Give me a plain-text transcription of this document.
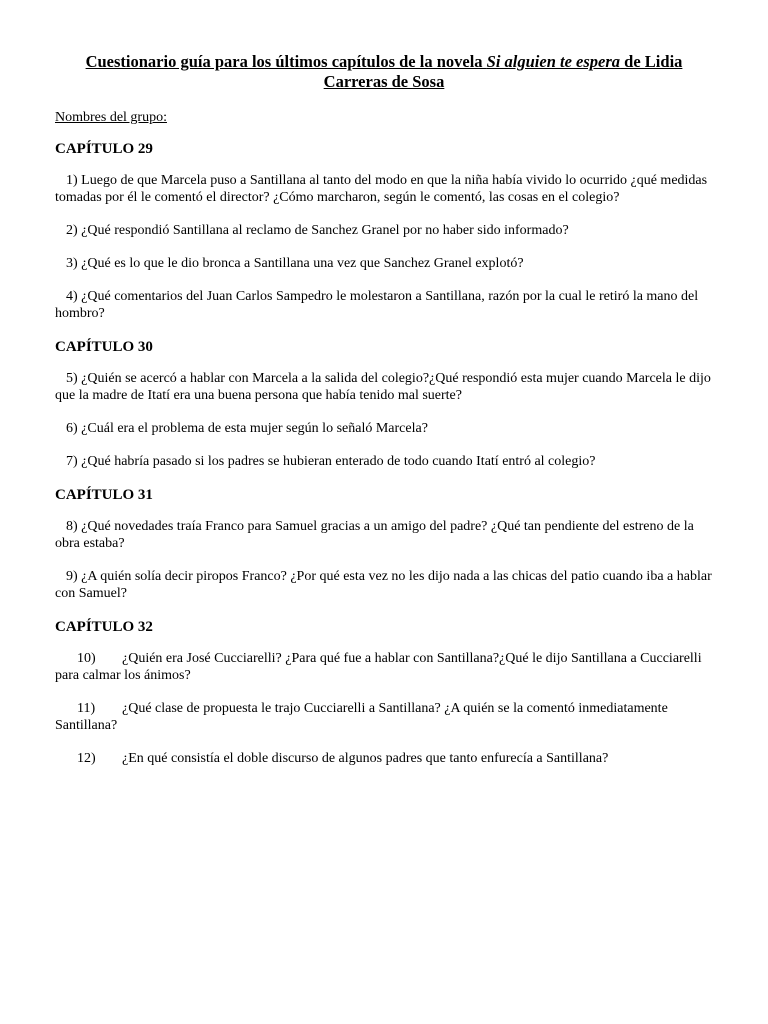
Cuestionario guía para los últimos capítulos de la novela Si alguien te espera de Lidia Carreras de Sosa
Nombres del grupo:
CAPÍTULO 29

1) Luego de que Marcela puso a Santillana al tanto del modo en que la niña había vivido lo ocurrido ¿qué medidas tomadas por él le comentó el director? ¿Cómo marcharon, según le comentó, las cosas en el colegio?

2) ¿Qué respondió Santillana al reclamo de Sanchez Granel por no haber sido informado?

3) ¿Qué es lo que le dio bronca a Santillana una vez que Sanchez Granel explotó?

4) ¿Qué comentarios del Juan Carlos Sampedro le molestaron a Santillana, razón por la cual le retiró la mano del hombro?

CAPÍTULO 30

5) ¿Quién se acercó a hablar con Marcela a la salida del colegio?¿Qué respondió esta mujer cuando Marcela le dijo que la madre de Itatí era una buena persona que había tenido mal suerte?

6) ¿Cuál era el problema de esta mujer según lo señaló Marcela?

7) ¿Qué habría pasado si los padres se hubieran enterado de todo cuando Itatí entró al colegio?

CAPÍTULO 31

8) ¿Qué novedades traía Franco para Samuel gracias a un amigo del padre? ¿Qué tan pendiente del estreno de la obra estaba?

9) ¿A quién solía decir piropos Franco? ¿Por qué esta vez no les dijo nada a las chicas del patio cuando iba a hablar con Samuel?

CAPÍTULO 32

10) ¿Quién era José Cucciarelli? ¿Para qué fue a hablar con Santillana?¿Qué le dijo Santillana a Cucciarelli para calmar los ánimos?

11) ¿Qué clase de propuesta le trajo Cucciarelli a Santillana? ¿A quién se la comentó inmediatamente Santillana?

12) ¿En qué consistía el doble discurso de algunos padres que tanto enfurecía a Santillana?
